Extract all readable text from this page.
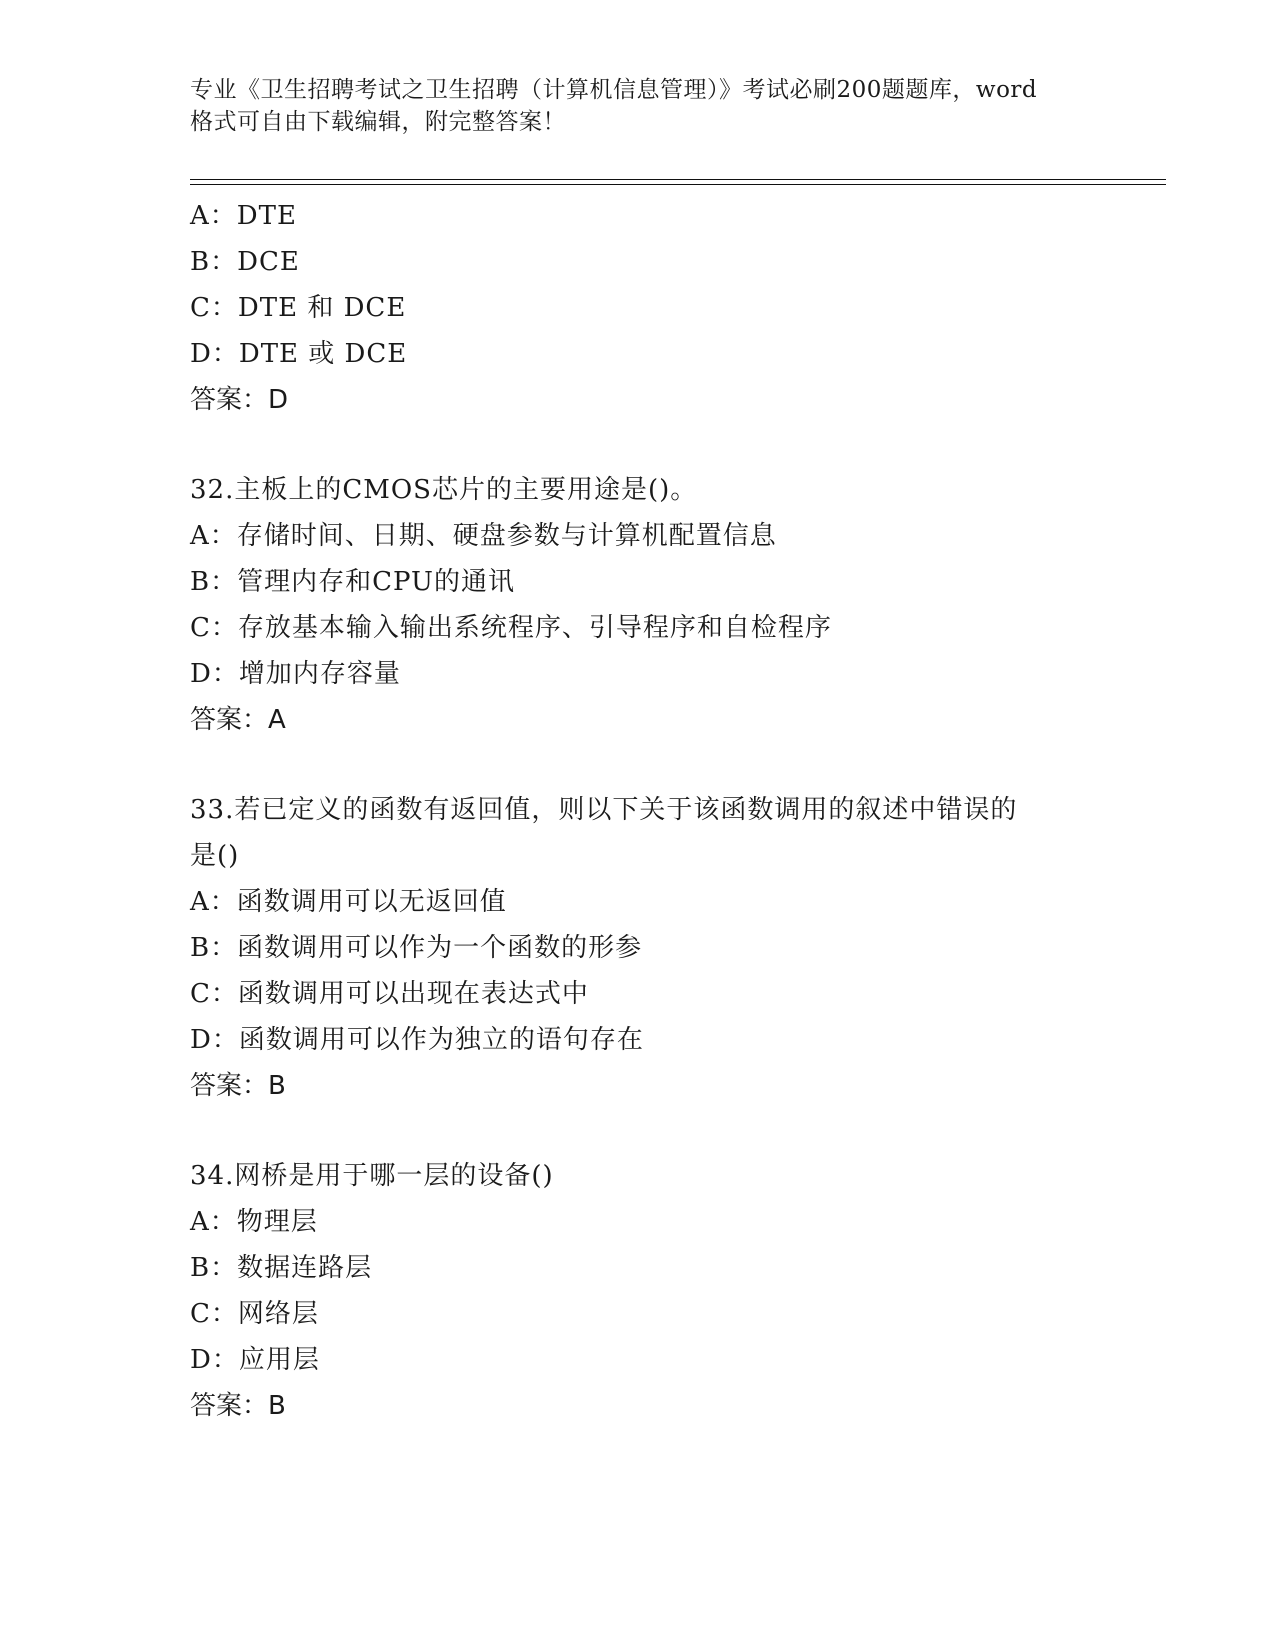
专业《卫生招聘考试之卫生招聘（计算机信息管理）》考试必刷200题题库，word
格式可自由下载编辑，附完整答案！
A：DTE
B：DCE
C：DTE 和 DCE
D：DTE 或 DCE
答案：D
32.主板上的CMOS芯片的主要用途是()。
A：存储时间、日期、硬盘参数与计算机配置信息
B：管理内存和CPU的通讯
C：存放基本输入输出系统程序、引导程序和自检程序
D：增加内存容量
答案：A
33.若已定义的函数有返回值，则以下关于该函数调用的叙述中错误的
是()
A：函数调用可以无返回值
B：函数调用可以作为一个函数的形参
C：函数调用可以出现在表达式中
D：函数调用可以作为独立的语句存在
答案：B
34.网桥是用于哪一层的设备()
A：物理层
B：数据连路层
C：网络层
D：应用层
答案：B
